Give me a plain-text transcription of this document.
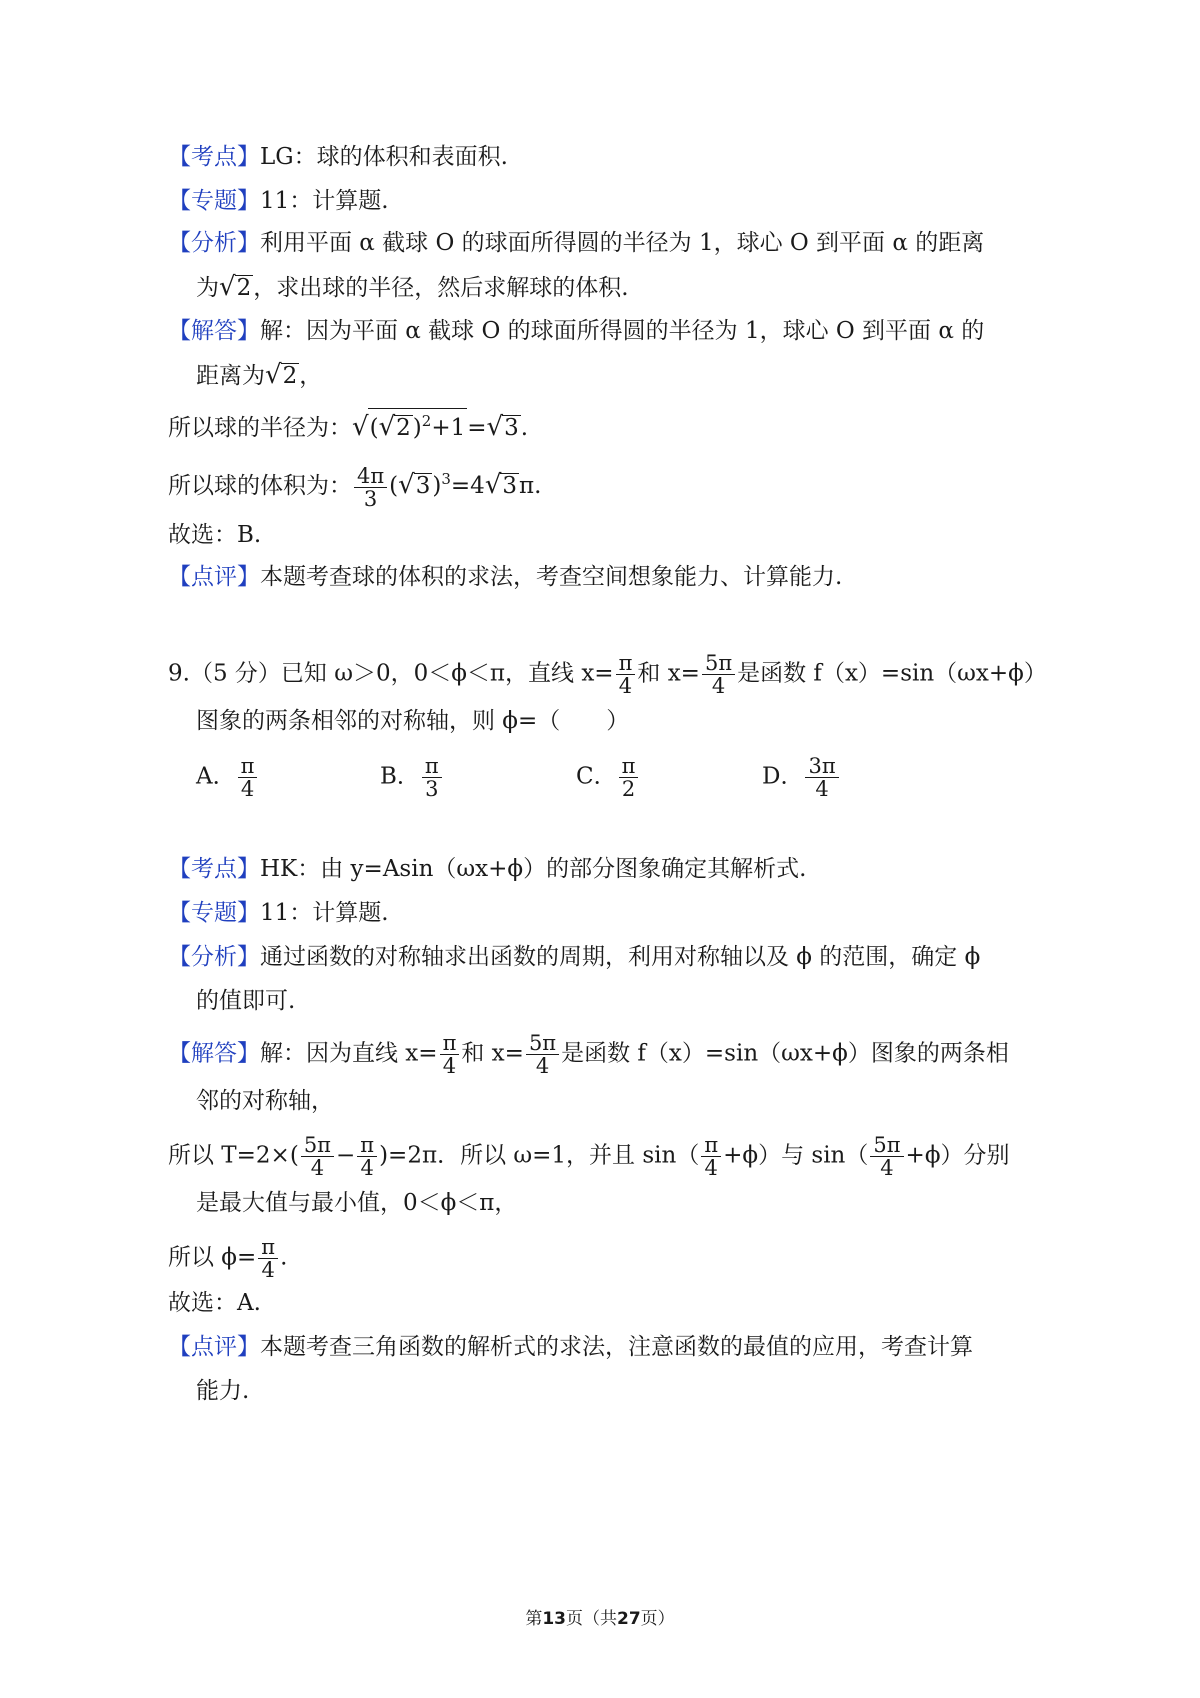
【考点】LG：球的体积和表面积.
【专题】11：计算题.
【分析】利用平面 α 截球 O 的球面所得圆的半径为 1，球心 O 到平面 α 的距离
为√2，求出球的半径，然后求解球的体积.
【解答】解：因为平面 α 截球 O 的球面所得圆的半径为 1，球心 O 到平面 α 的
距离为√2，
所以球的半径为：$√(√2)^2+1=√3$.
所以球的体积为： $\frac{4\pi}{3} (√3)^3=4√3\pi$.
故选：B.
【点评】本题考查球的体积的求法，考查空间想象能力、计算能力.
9.（5 分）已知 ω＞0，0＜ϕ＜π，直线 $x= \frac{\pi}{4}$ 和 $x= \frac{5\pi}{4}$ 是函数 f（x）=sin（ωx+ϕ）
图象的两条相邻的对称轴，则 ϕ=（　　）
A． $\frac{\pi}{4}$	B． $\frac{\pi}{3}$	C． $\frac{\pi}{2}$	D． $\frac{3\pi}{4}$
【考点】HK：由 y=Asin（ωx+ϕ）的部分图象确定其解析式.
【专题】11：计算题.
【分析】通过函数的对称轴求出函数的周期，利用对称轴以及 ϕ 的范围，确定 ϕ
的值即可.
【解答】解：因为直线 $x= \frac{\pi}{4}$ 和 $x= \frac{5\pi}{4}$ 是函数 f（x）=sin（ωx+ϕ）图象的两条相
邻的对称轴，
所以 $T=2\times( \frac{5\pi}{4} - \frac{\pi}{4} )=2\pi$．所以 ω=1，并且 $\sin( \frac{\pi}{4} +\phi)$与 $\sin( \frac{5\pi}{4} +\phi)$分别
是最大值与最小值，0＜ϕ＜π，
所以 $\phi= \frac{\pi}{4}$ .
故选：A.
【点评】本题考查三角函数的解析式的求法，注意函数的最值的应用，考查计算
能力.
第13页（共27页）
